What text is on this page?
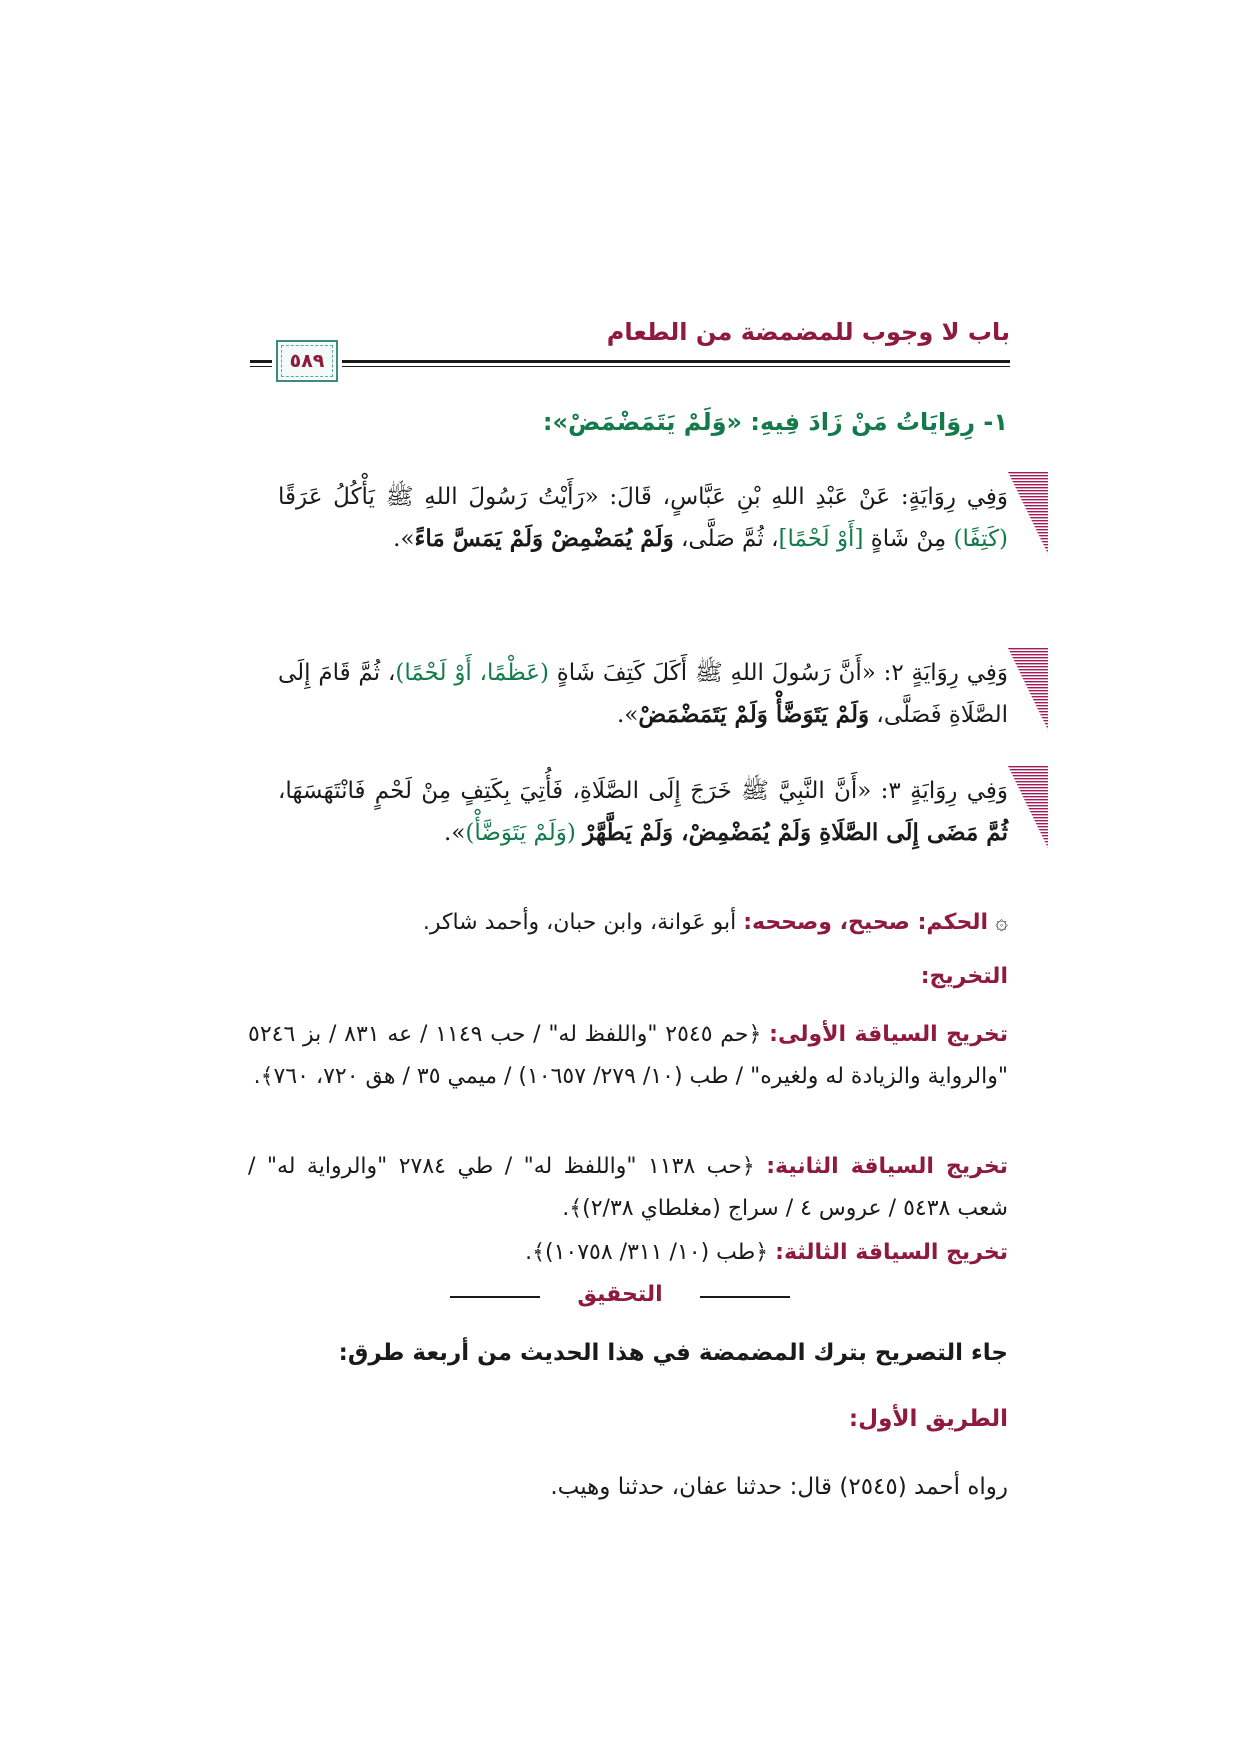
باب لا وجوب للمضمضة من الطعام
٥٨٩
١- رِوَايَاتُ مَنْ زَادَ فِيهِ: «وَلَمْ يَتَمَضْمَضْ»:
وَفِي رِوَايَةٍ: عَنْ عَبْدِ اللهِ بْنِ عَبَّاسٍ، قَالَ: «رَأَيْتُ رَسُولَ اللهِ ﷺ يَأْكُلُ عَرَقًا (كَتِفًا) مِنْ شَاةٍ [أَوْ لَحْمًا]، ثُمَّ صَلَّى، وَلَمْ يُمَضْمِضْ وَلَمْ يَمَسَّ مَاءً».
وَفِي رِوَايَةٍ ٢: «أَنَّ رَسُولَ اللهِ ﷺ أَكَلَ كَتِفَ شَاةٍ (عَظْمًا، أَوْ لَحْمًا)، ثُمَّ قَامَ إِلَى الصَّلَاةِ فَصَلَّى، وَلَمْ يَتَوَضَّأْ وَلَمْ يَتَمَضْمَضْ».
وَفِي رِوَايَةٍ ٣: «أَنَّ النَّبِيَّ ﷺ خَرَجَ إِلَى الصَّلَاةِ، فَأُتِيَ بِكَتِفٍ مِنْ لَحْمٍ فَانْتَهَسَهَا، ثُمَّ مَضَى إِلَى الصَّلَاةِ وَلَمْ يُمَضْمِضْ، وَلَمْ يَطَّهَّرْ (وَلَمْ يَتَوَضَّأْ)».
۞ الحكم: صحيح، وصححه: أبو عَوانة، وابن حبان، وأحمد شاكر.
التخريج:
تخريج السياقة الأولى: ﴿حم ٢٥٤٥ "واللفظ له" / حب ١١٤٩ / عه ٨٣١ / بز ٥٢٤٦ "والرواية والزيادة له ولغيره" / طب (١٠/ ٢٧٩/ ١٠٦٥٧) / ميمي ٣٥ / هق ٧٢٠، ٧٦٠﴾.
تخريج السياقة الثانية: ﴿حب ١١٣٨ "واللفظ له" / طي ٢٧٨٤ "والرواية له" / شعب ٥٤٣٨ / عروس ٤ / سراج (مغلطاي ٢/٣٨)﴾.
تخريج السياقة الثالثة: ﴿طب (١٠/ ٣١١/ ١٠٧٥٨)﴾.
التحقيق
جاء التصريح بترك المضمضة في هذا الحديث من أربعة طرق:
الطريق الأول:
رواه أحمد (٢٥٤٥) قال: حدثنا عفان، حدثنا وهيب.
